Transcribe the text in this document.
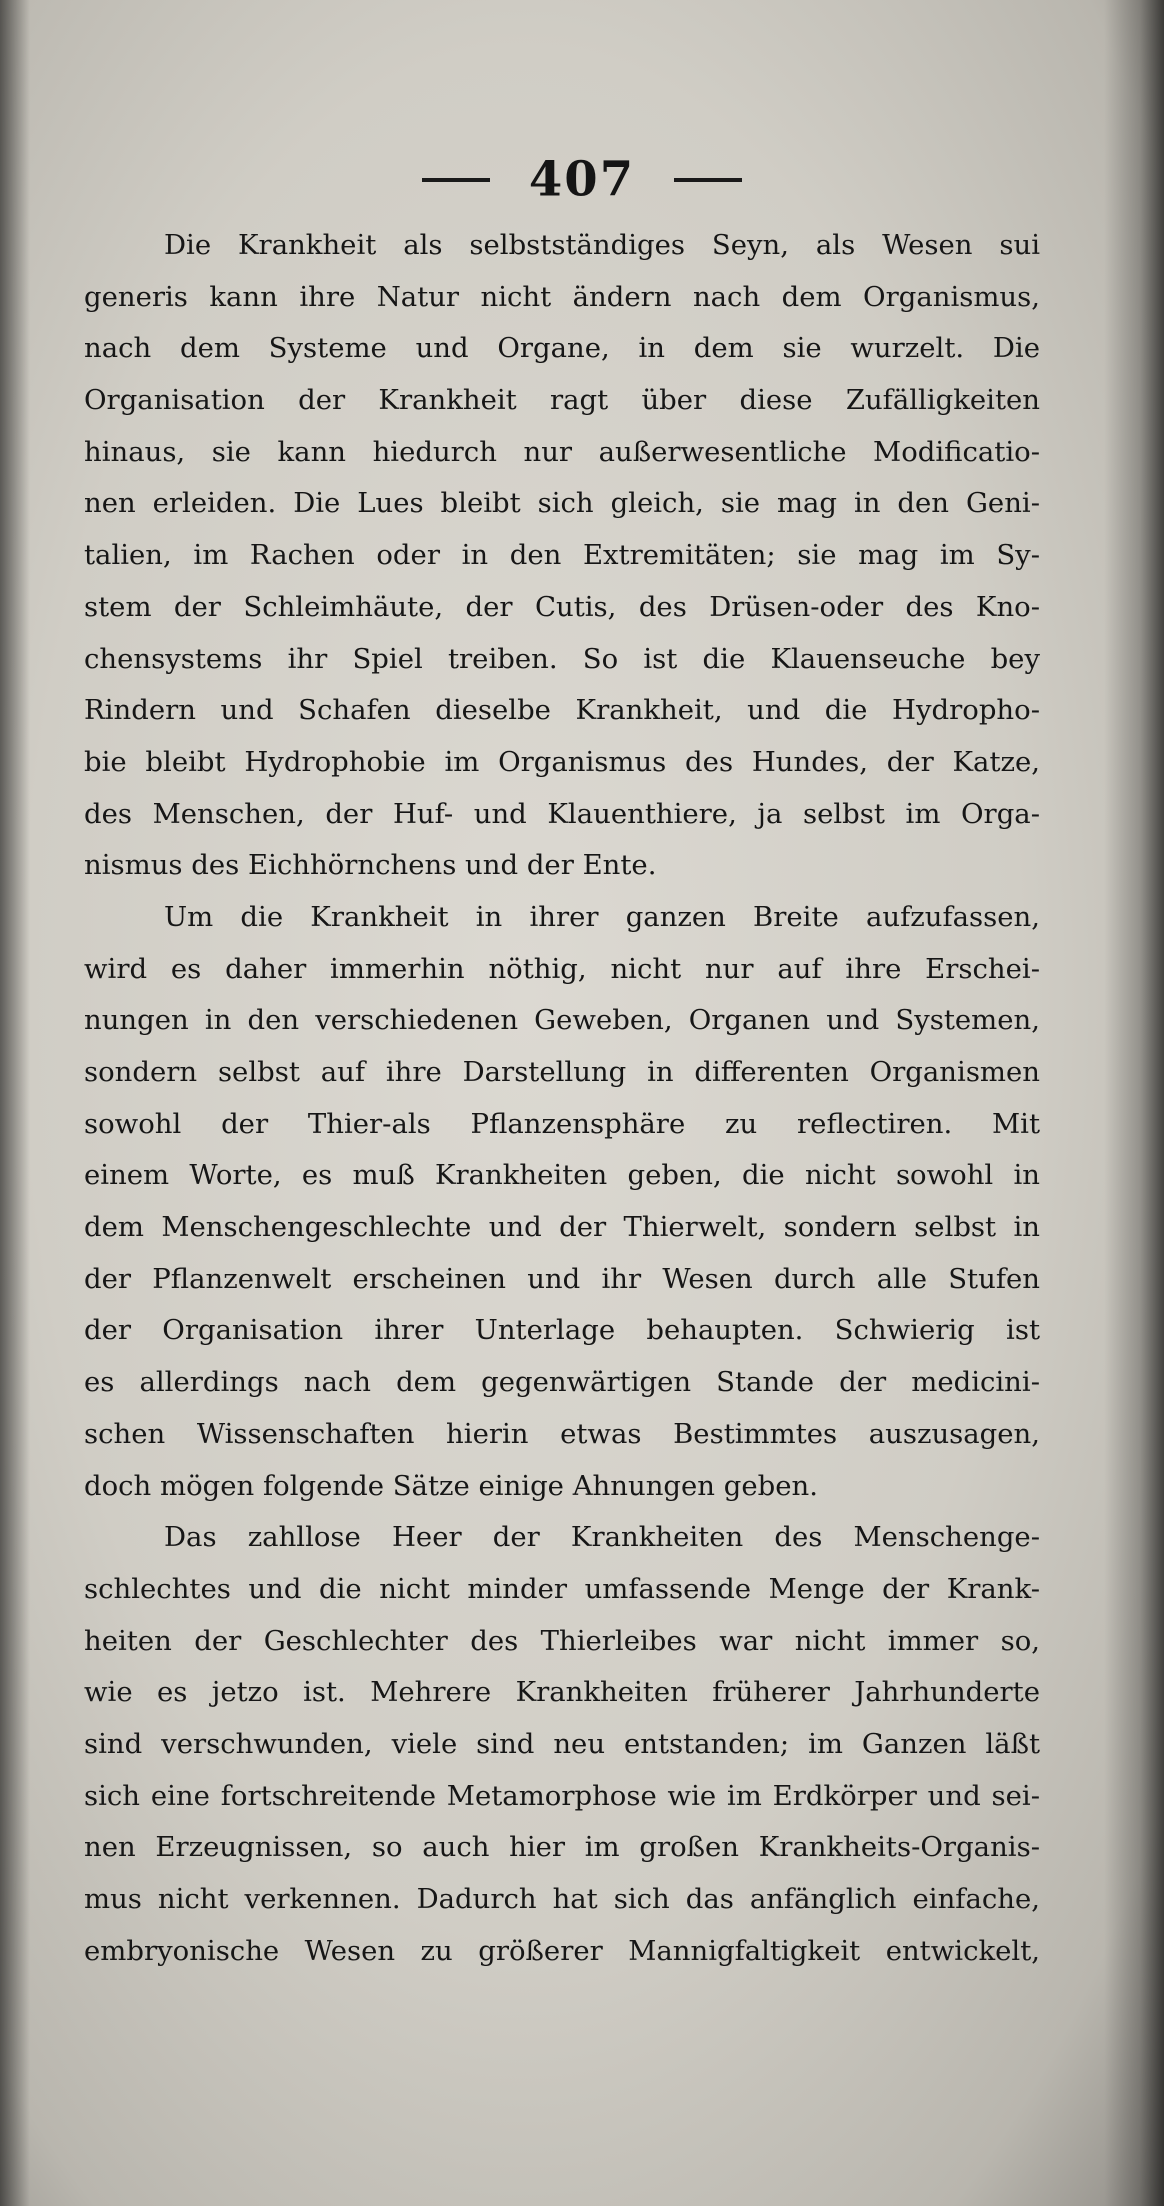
407
Die Krankheit als selbstständiges Seyn, als Wesen sui
generis kann ihre Natur nicht ändern nach dem Organismus,
nach dem Systeme und Organe, in dem sie wurzelt. Die
Organisation der Krankheit ragt über diese Zufälligkeiten
hinaus, sie kann hiedurch nur außerwesentliche Modificatio-
nen erleiden. Die Lues bleibt sich gleich, sie mag in den Geni-
talien, im Rachen oder in den Extremitäten; sie mag im Sy-
stem der Schleimhäute, der Cutis, des Drüsen-oder des Kno-
chensystems ihr Spiel treiben. So ist die Klauenseuche bey
Rindern und Schafen dieselbe Krankheit, und die Hydropho-
bie bleibt Hydrophobie im Organismus des Hundes, der Katze,
des Menschen, der Huf- und Klauenthiere, ja selbst im Orga-
nismus des Eichhörnchens und der Ente.
Um die Krankheit in ihrer ganzen Breite aufzufassen,
wird es daher immerhin nöthig, nicht nur auf ihre Erschei-
nungen in den verschiedenen Geweben, Organen und Systemen,
sondern selbst auf ihre Darstellung in differenten Organismen
sowohl der Thier-als Pflanzensphäre zu reflectiren. Mit
einem Worte, es muß Krankheiten geben, die nicht sowohl in
dem Menschengeschlechte und der Thierwelt, sondern selbst in
der Pflanzenwelt erscheinen und ihr Wesen durch alle Stufen
der Organisation ihrer Unterlage behaupten. Schwierig ist
es allerdings nach dem gegenwärtigen Stande der medicini-
schen Wissenschaften hierin etwas Bestimmtes auszusagen,
doch mögen folgende Sätze einige Ahnungen geben.
Das zahllose Heer der Krankheiten des Menschenge-
schlechtes und die nicht minder umfassende Menge der Krank-
heiten der Geschlechter des Thierleibes war nicht immer so,
wie es jetzo ist. Mehrere Krankheiten früherer Jahrhunderte
sind verschwunden, viele sind neu entstanden; im Ganzen läßt
sich eine fortschreitende Metamorphose wie im Erdkörper und sei-
nen Erzeugnissen, so auch hier im großen Krankheits-Organis-
mus nicht verkennen. Dadurch hat sich das anfänglich einfache,
embryonische Wesen zu größerer Mannigfaltigkeit entwickelt,
